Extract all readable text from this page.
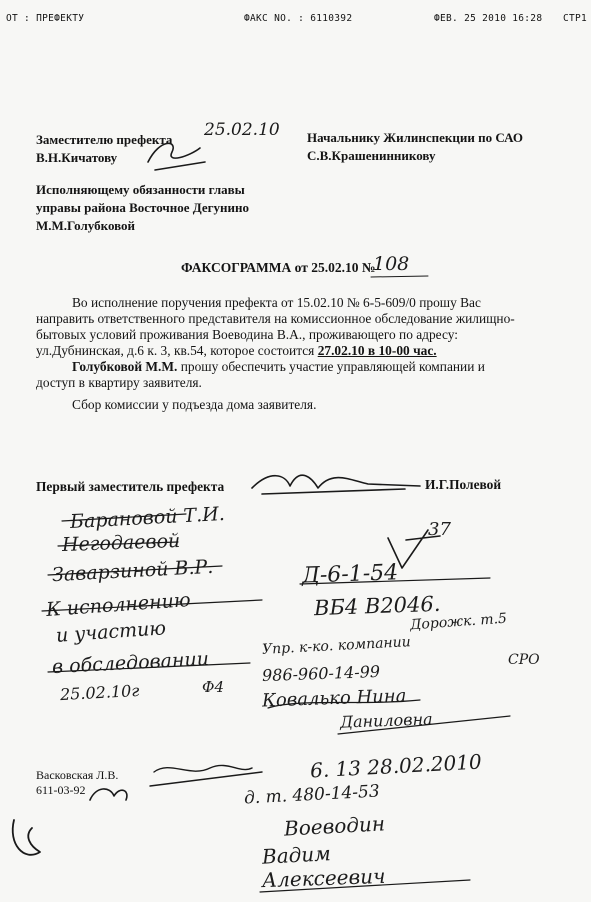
ОТ : ПРЕФЕКТУ	ФАКС NO. : 6110392	ФЕВ. 25 2010 16:28 СТР1
Заместителю префекта
В.Н.Кичатову
25.02.10 Начальнику Жилинспекции по САО
С.В.Крашенинникову
Исполняющему обязанности главы
управы района Восточное Дегунино
М.М.Голубковой
ФАКСОГРАММА от 25.02.10 №
108
Во исполнение поручения префекта от 15.02.10 № 6-5-609/0 прошу Вас
направить ответственного представителя на комиссионное обследование жилищно-
бытовых условий проживания Воеводина В.А., проживающего по адресу:
ул.Дубнинская, д.6 к. 3, кв.54, которое состоится 27.02.10 в 10-00 час.
Голубковой М.М. прошу обеспечить участие управляющей компании и
доступ в квартиру заявителя.
Сбор комиссии у подъезда дома заявителя.
Первый заместитель префекта	И.Г.Полевой
Васковская Л.В.
611-03-92
Барановой Т.И.
Негодаевой
Заварзиной В.Р.
К исполнению
и участию
в обследовании
25.02.10г
37
Д-6-1-54
ВБ4 В2046.
Дорожк. т.5
Упр. к-ко. компании
СРО
986-960-14-99
Ковалько Нина
Даниловна
Ф4
6. 13 28.02.2010
д. т. 480-14-53
Воеводин
Вадим
Алексеевич
